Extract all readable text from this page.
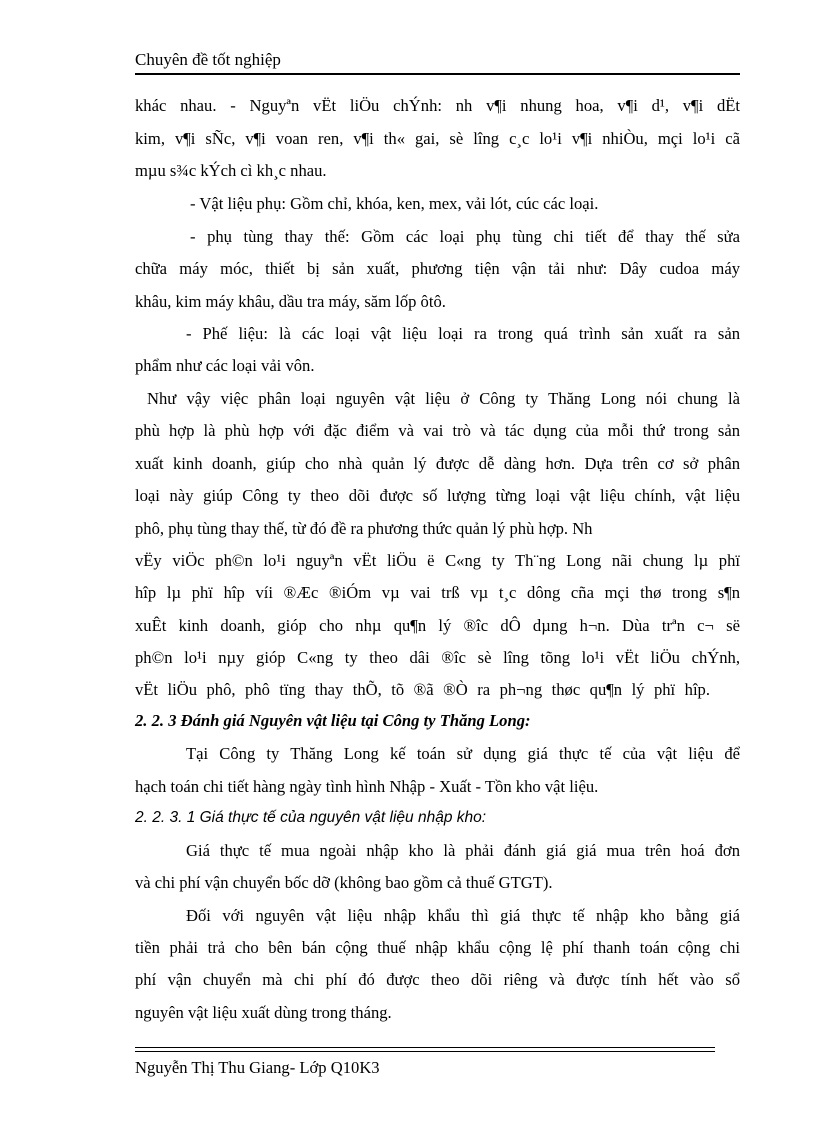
Chuyên đề tốt nghiệp
khác nhau. - Nguyªn vËt liÖu chÝnh: nh v¶i nhung hoa, v¶i d¹, v¶i dËt
kim, v¶i sÑc, v¶i voan ren, v¶i th« gai, sè lîng c¸c lo¹i v¶i nhiÒu, mçi lo¹i cã
mµu s¾c kÝch cì kh¸c nhau.
- Vật liệu phụ: Gồm chỉ, khóa, ken, mex, vải lót, cúc các loại.
- phụ tùng thay thế: Gồm các loại phụ tùng chi tiết để thay thế sửa
chữa máy móc, thiết bị sản xuất, phương tiện vận tải như: Dây cudoa máy
khâu, kim máy khâu, dầu tra máy, săm lốp ôtô.
- Phế liệu: là các loại vật liệu loại ra trong quá trình sản xuất ra sản
phẩm như các loại vải vôn.
Như vậy việc phân loại nguyên vật liệu ở Công ty Thăng Long nói chung là
phù hợp là phù hợp với đặc điểm và vai trò và tác dụng của mỗi thứ trong sản
xuất kinh doanh, giúp cho nhà quản lý được dễ dàng hơn. Dựa trên cơ sở phân
loại này giúp Công ty theo dõi được số lượng từng loại vật liệu chính, vật liệu
phô, phụ tùng thay thế, từ đó đề ra phương thức quản lý phù hợp. Nh
vËy viÖc ph©n lo¹i nguyªn vËt liÖu ë C«ng ty Th¨ng Long nãi chung lµ phï
hîp lµ phï hîp víi ®Æc ®iÓm vµ vai trß vµ t¸c dông cña mçi thø trong s¶n
xuÊt kinh doanh, gióp cho nhµ qu¶n lý ®îc dÔ dµng h¬n. Dùa trªn c¬ së
ph©n lo¹i nµy gióp C«ng ty theo dâi ®îc sè lîng tõng lo¹i vËt liÖu chÝnh,
vËt liÖu phô, phô tïng thay thÕ, tõ ®ã ®Ò ra ph¬ng thøc qu¶n lý phï hîp.
2. 2. 3 Đánh giá Nguyên vật liệu tại Công ty Thăng Long:
Tại Công ty Thăng Long kế toán sử dụng giá thực tế của vật liệu để
hạch toán chi tiết hàng ngày tình hình Nhập - Xuất - Tồn kho vật liệu.
2. 2. 3. 1 Giá thực tế của nguyên vật liệu nhập kho:
Giá thực tế mua ngoài nhập kho là phải đánh giá giá mua trên hoá đơn
và chi phí vận chuyển bốc dỡ (không bao gồm cả thuế GTGT).
Đối với nguyên vật liệu nhập khẩu thì giá thực tế nhập kho bằng giá
tiền phải trả cho bên bán cộng thuế nhập khẩu cộng lệ phí thanh toán cộng chi
phí vận chuyển mà chi phí đó được theo dõi riêng và được tính hết vào sổ
nguyên vật liệu xuất dùng trong tháng.
Nguyễn Thị Thu Giang- Lớp Q10K3
